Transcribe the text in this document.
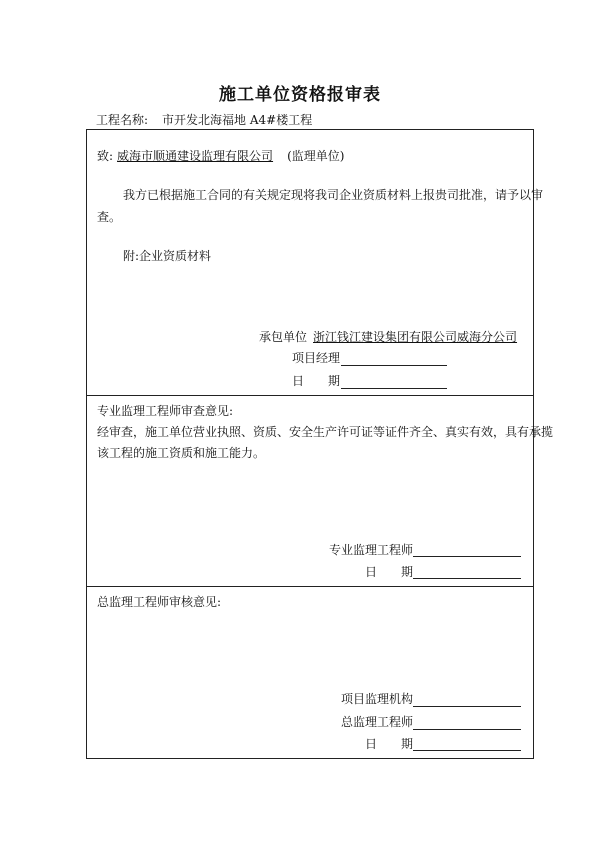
施工单位资格报审表
工程名称: 市开发北海福地 A4#楼工程
致: 威海市顺通建设监理有限公司 (监理单位)
我方已根据施工合同的有关规定现将我司企业资质材料上报贵司批准，请予以审
查。
附:企业资质材料
承包单位 浙江钱江建设集团有限公司威海分公司
项目经理
日　　期
专业监理工程师审查意见:
经审查，施工单位营业执照、资质、安全生产许可证等证件齐全、真实有效，具有承揽
该工程的施工资质和施工能力。
专业监理工程师
日　　期
总监理工程师审核意见:
项目监理机构
总监理工程师
日　　期
